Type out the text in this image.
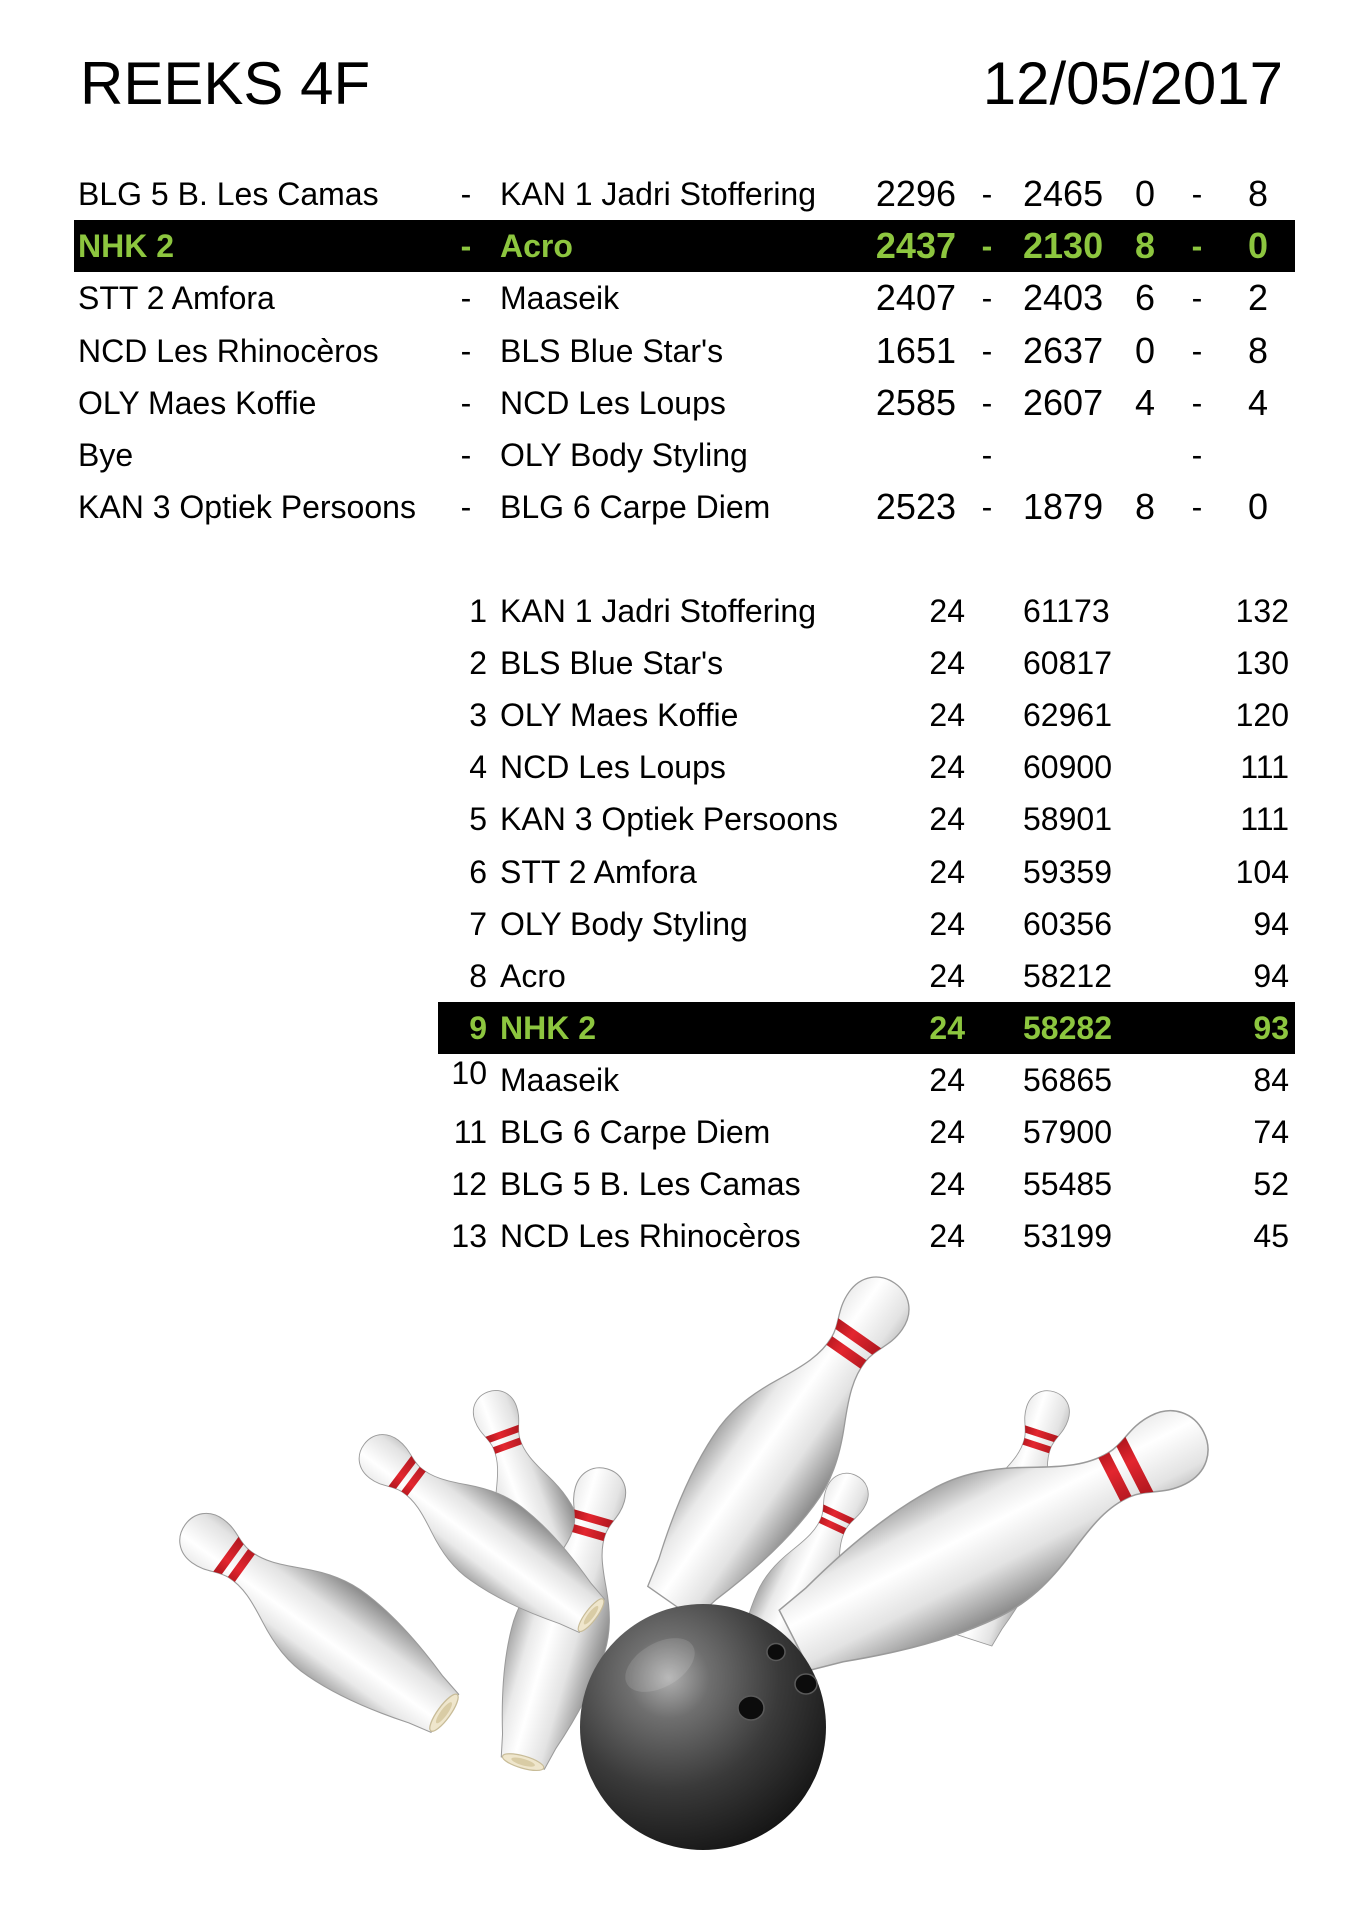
REEKS 4F	12/05/2017
BLG 5 B. Les Camas	- KAN 1 Jadri Stoffering	2296 - 2465 0	- 8
NHK 2	- Acro	2437 - 2130 8	- 0
STT 2 Amfora	- Maaseik	2407 - 2403 6	- 2
NCD Les Rhinocèros	- BLS Blue Star's	1651 - 2637 0	- 8
OLY Maes Koffie	- NCD Les Loups	2585 - 2607 4	- 4
Bye	- OLY Body Styling	-	-
KAN 3 Optiek Persoons - BLG 6 Carpe Diem	2523 - 1879 8	- 0
1 KAN 1 Jadri Stoffering	24 61173	132
2 BLS Blue Star's	24 60817	130
3 OLY Maes Koffie	24 62961	120
4 NCD Les Loups	24 60900	111
5 KAN 3 Optiek Persoons	24 58901	111
6 STT 2 Amfora	24 59359	104
7 OLY Body Styling	24 60356	94
8 Acro	24 58212	94
9 NHK 2	24 58282	93
10 Maaseik	24 56865	84
11 BLG 6 Carpe Diem	24 57900	74
12 BLG 5 B. Les Camas	24 55485	52
13 NCD Les Rhinocèros	24 53199	45
